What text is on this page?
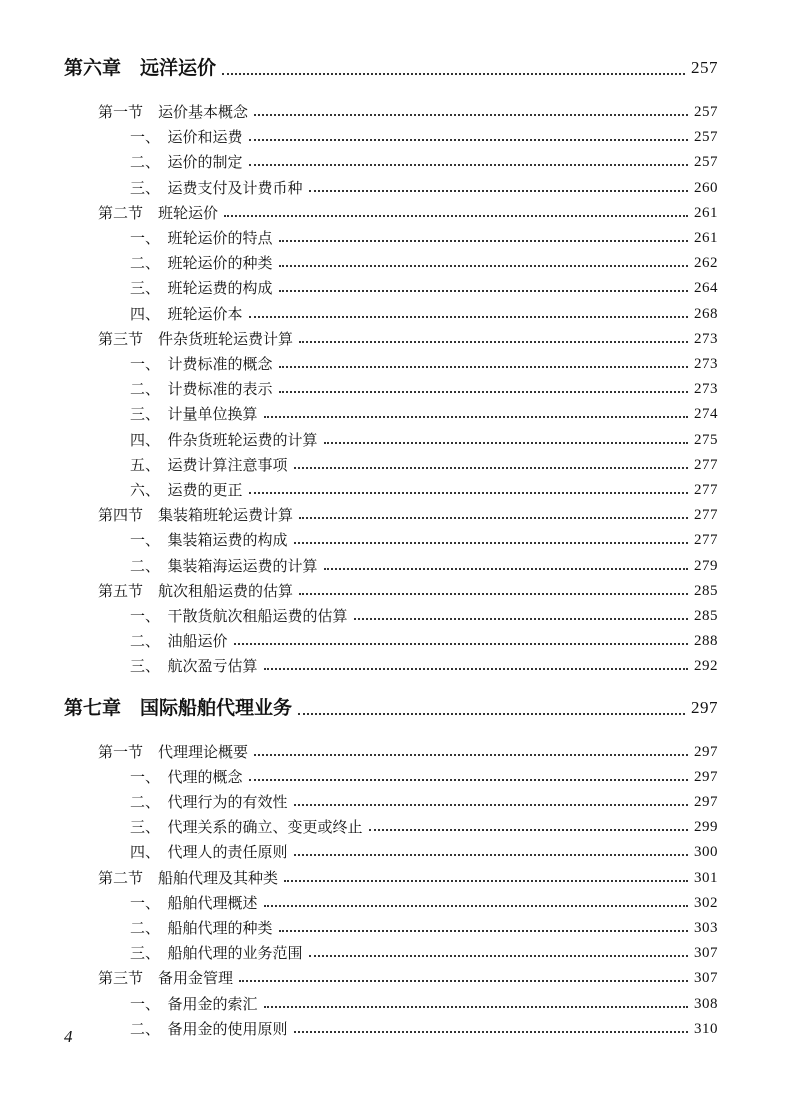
第六章　远洋运价	257
第一节　运价基本概念	257
一、　运价和运费	257
二、　运价的制定	257
三、　运费支付及计费币种	260
第二节　班轮运价	261
一、　班轮运价的特点	261
二、　班轮运价的种类	262
三、　班轮运费的构成	264
四、　班轮运价本	268
第三节　件杂货班轮运费计算	273
一、　计费标准的概念	273
二、　计费标准的表示	273
三、　计量单位换算	274
四、　件杂货班轮运费的计算	275
五、　运费计算注意事项	277
六、　运费的更正	277
第四节　集装箱班轮运费计算	277
一、　集装箱运费的构成	277
二、　集装箱海运运费的计算	279
第五节　航次租船运费的估算	285
一、　干散货航次租船运费的估算	285
二、　油船运价	288
三、　航次盈亏估算	292
第七章　国际船舶代理业务	297
第一节　代理理论概要	297
一、　代理的概念	297
二、　代理行为的有效性	297
三、　代理关系的确立、变更或终止	299
四、　代理人的责任原则	300
第二节　船舶代理及其种类	301
一、　船舶代理概述	302
二、　船舶代理的种类	303
三、　船舶代理的业务范围	307
第三节　备用金管理	307
一、　备用金的索汇	308
二、　备用金的使用原则	310
4
